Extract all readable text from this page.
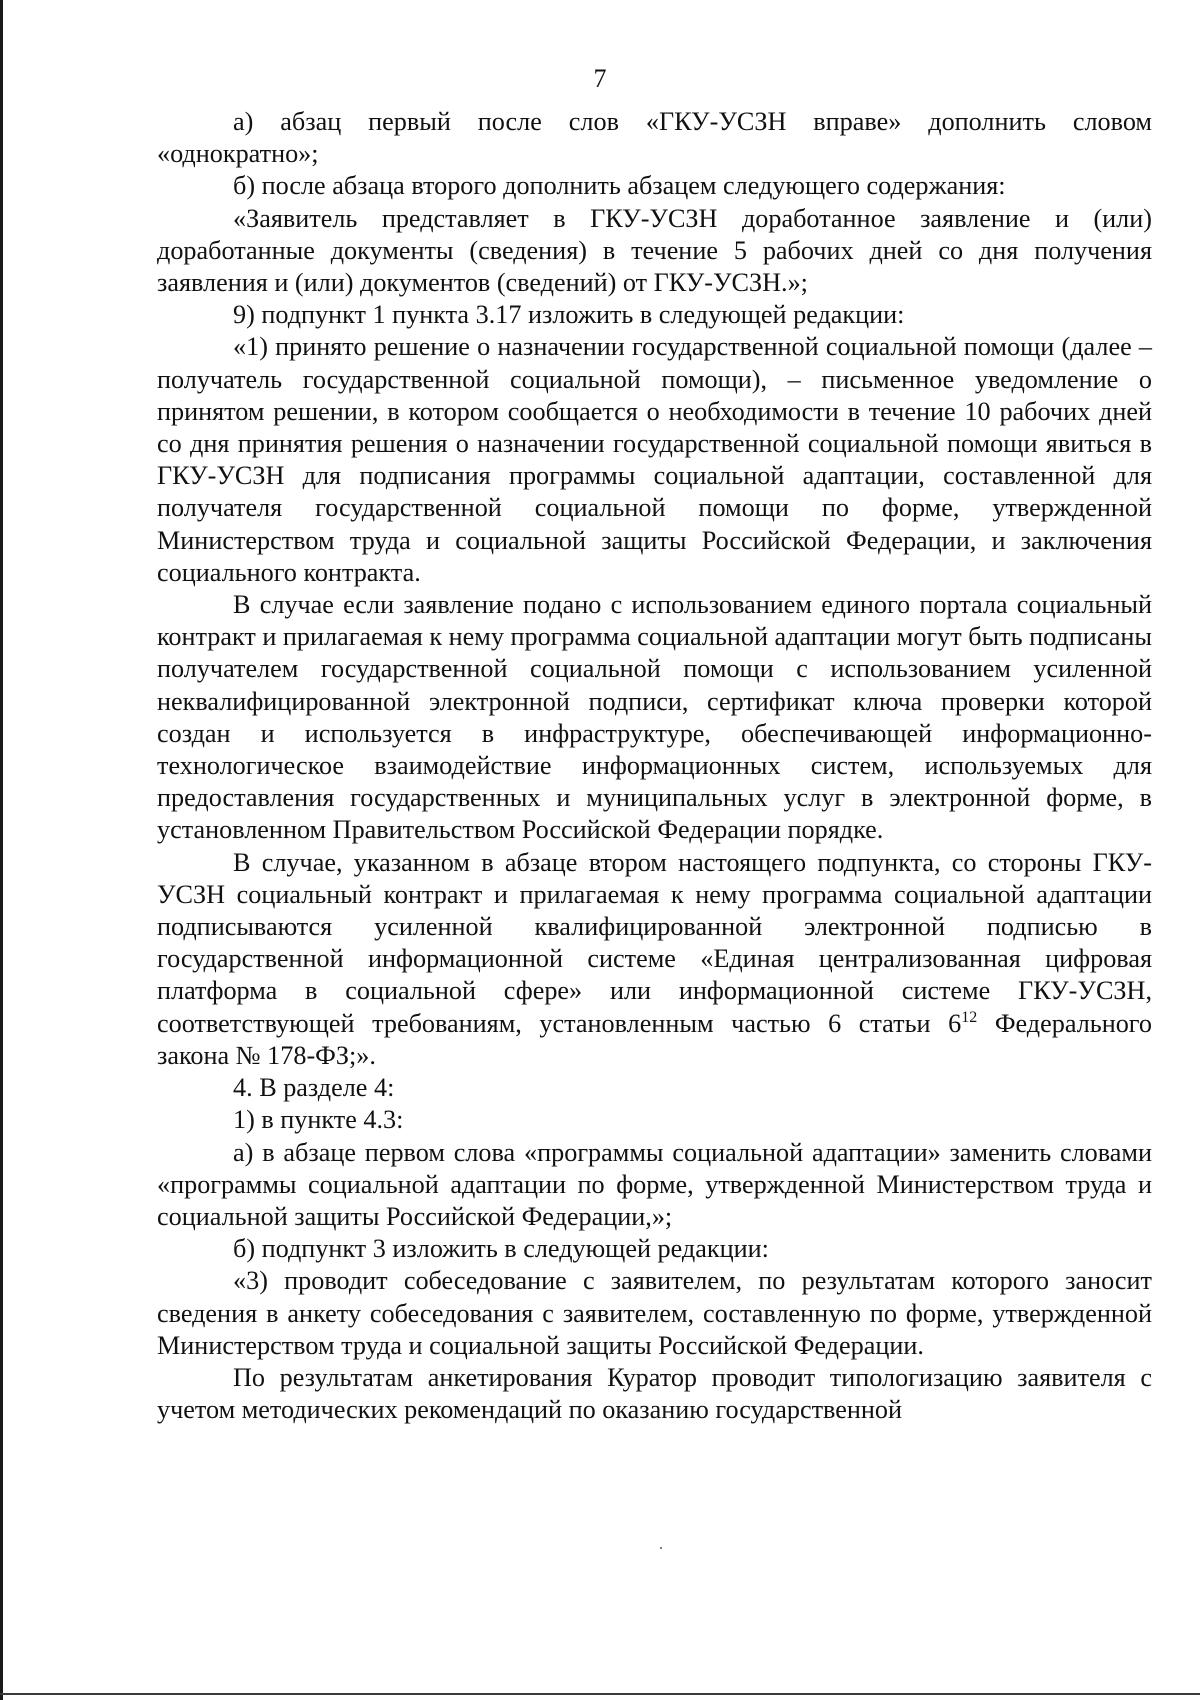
7

а) абзац первый после слов «ГКУ-УСЗН вправе» дополнить словом «однократно»;

б) после абзаца второго дополнить абзацем следующего содержания:

«Заявитель представляет в ГКУ-УСЗН доработанное заявление и (или) доработанные документы (сведения) в течение 5 рабочих дней со дня получения заявления и (или) документов (сведений) от ГКУ-УСЗН.»;

9) подпункт 1 пункта 3.17 изложить в следующей редакции:

«1) принято решение о назначении государственной социальной помощи (далее – получатель государственной социальной помощи), – письменное уведомление о принятом решении, в котором сообщается о необходимости в течение 10 рабочих дней со дня принятия решения о назначении государственной социальной помощи явиться в ГКУ-УСЗН для подписания программы социальной адаптации, составленной для получателя государственной социальной помощи по форме, утвержденной Министерством труда и социальной защиты Российской Федерации, и заключения социального контракта.

В случае если заявление подано с использованием единого портала социальный контракт и прилагаемая к нему программа социальной адаптации могут быть подписаны получателем государственной социальной помощи с использованием усиленной неквалифицированной электронной подписи, сертификат ключа проверки которой создан и используется в инфраструктуре, обеспечивающей информационно-технологическое взаимодействие информационных систем, используемых для предоставления государственных и муниципальных услуг в электронной форме, в установленном Правительством Российской Федерации порядке.

В случае, указанном в абзаце втором настоящего подпункта, со стороны ГКУ-УСЗН социальный контракт и прилагаемая к нему программа социальной адаптации подписываются усиленной квалифицированной электронной подписью в государственной информационной системе «Единая централизованная цифровая платформа в социальной сфере» или информационной системе ГКУ-УСЗН, соответствующей требованиям, установленным частью 6 статьи $6^{12}$ Федерального закона № 178-ФЗ;».

4. В разделе 4:

1) в пункте 4.3:

а) в абзаце первом слова «программы социальной адаптации» заменить словами «программы социальной адаптации по форме, утвержденной Министерством труда и социальной защиты Российской Федерации,»;

б) подпункт 3 изложить в следующей редакции:

«3) проводит собеседование с заявителем, по результатам которого заносит сведения в анкету собеседования с заявителем, составленную по форме, утвержденной Министерством труда и социальной защиты Российской Федерации.

По результатам анкетирования Куратор проводит типологизацию заявителя с учетом методических рекомендаций по оказанию государственной
